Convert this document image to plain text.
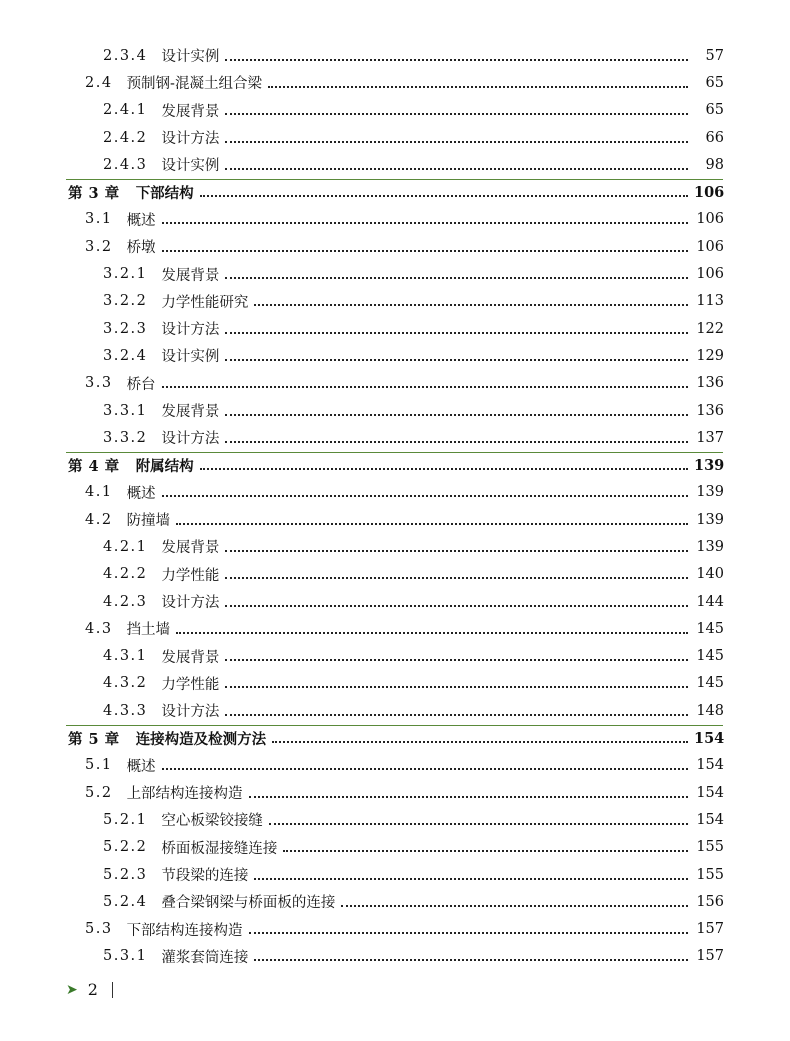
2.3.4 设计实例	57
2.4 预制钢-混凝土组合梁	65
2.4.1 发展背景	65
2.4.2 设计方法	66
2.4.3 设计实例	98
第 3 章 下部结构	106
3.1 概述	106
3.2 桥墩	106
3.2.1 发展背景	106
3.2.2 力学性能研究	113
3.2.3 设计方法	122
3.2.4 设计实例	129
3.3 桥台	136
3.3.1 发展背景	136
3.3.2 设计方法	137
第 4 章 附属结构	139
4.1 概述	139
4.2 防撞墙	139
4.2.1 发展背景	139
4.2.2 力学性能	140
4.2.3 设计方法	144
4.3 挡土墙	145
4.3.1 发展背景	145
4.3.2 力学性能	145
4.3.3 设计方法	148
第 5 章 连接构造及检测方法	154
5.1 概述	154
5.2 上部结构连接构造	154
5.2.1 空心板梁铰接缝	154
5.2.2 桥面板湿接缝连接	155
5.2.3 节段梁的连接	155
5.2.4 叠合梁钢梁与桥面板的连接	156
5.3 下部结构连接构造	157
5.3.1 灌浆套筒连接	157
➤ 2
